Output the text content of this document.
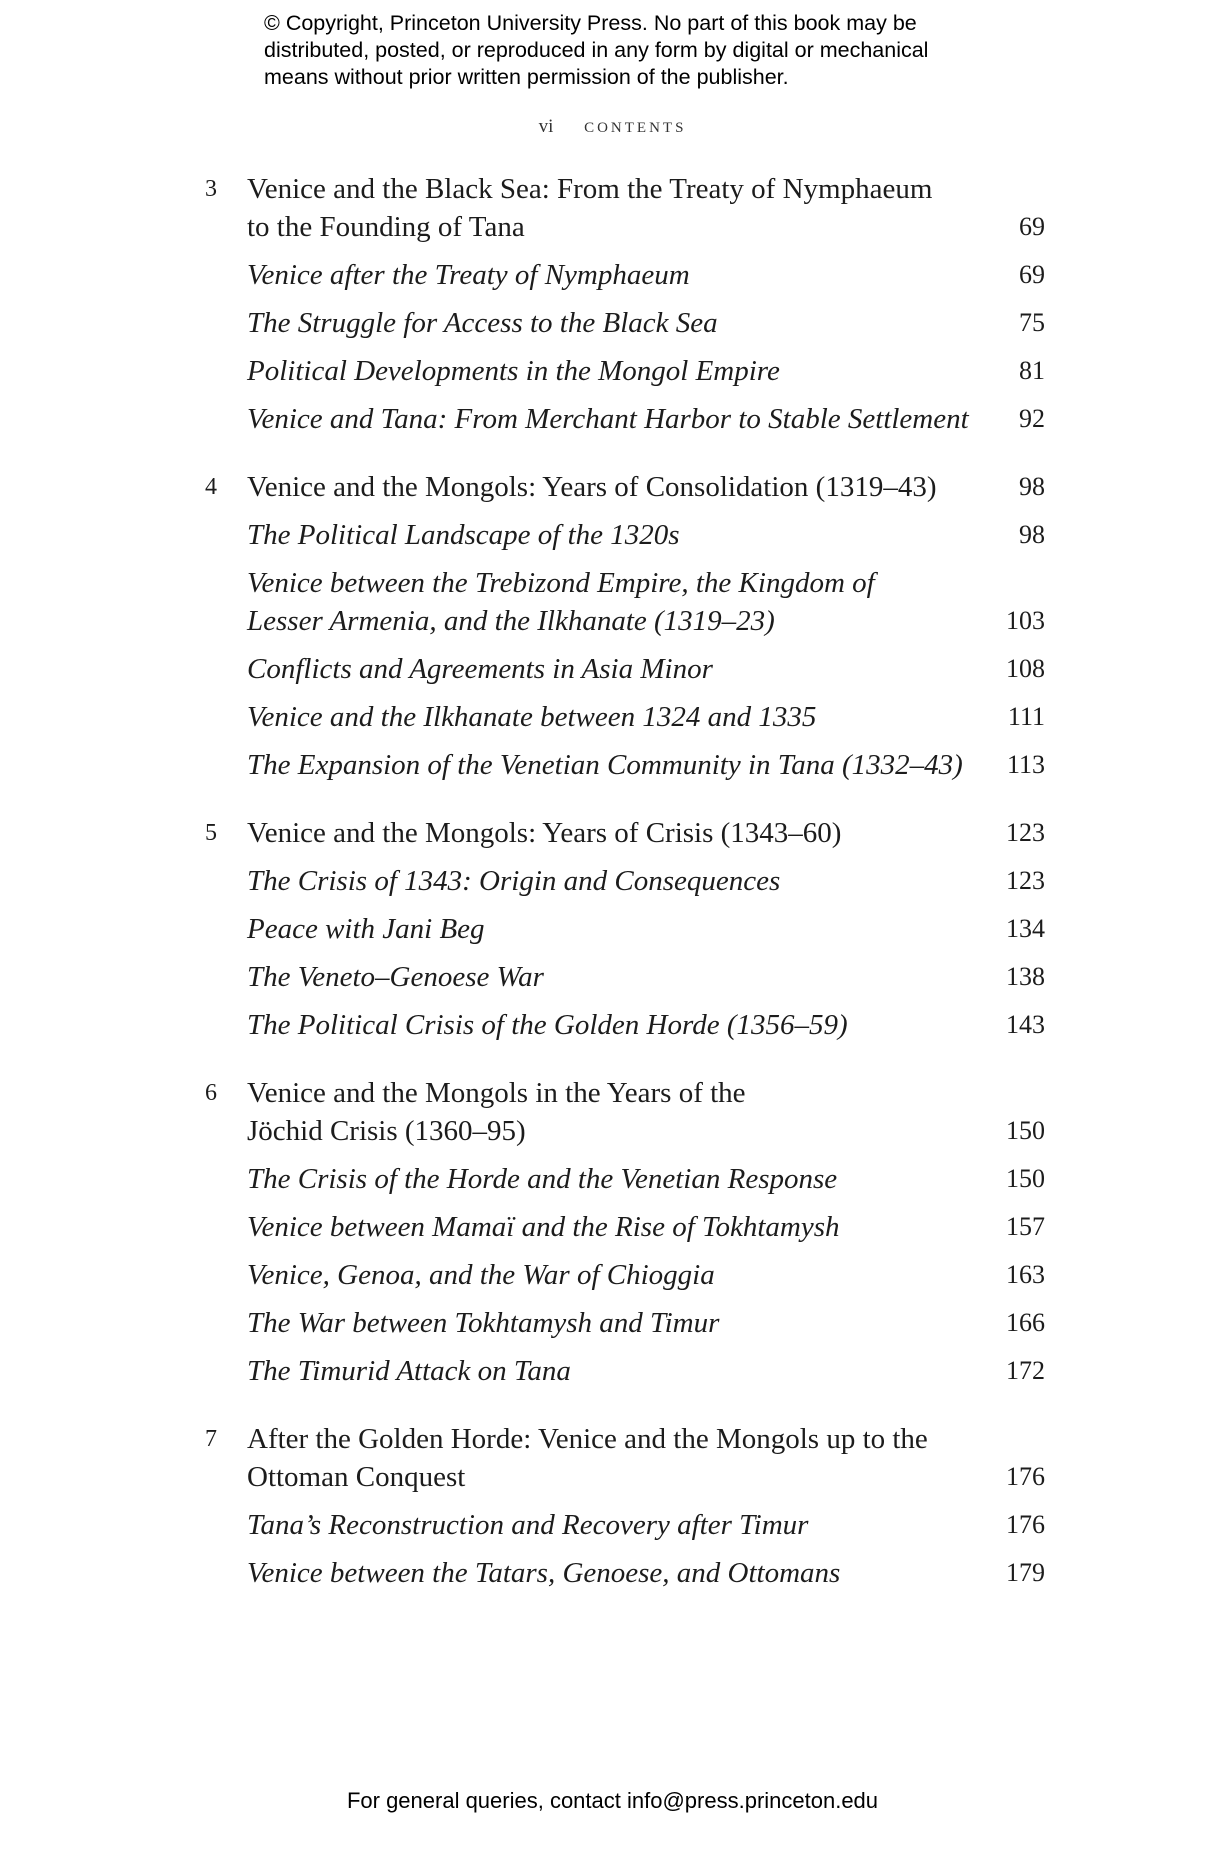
© Copyright, Princeton University Press. No part of this book may be
distributed, posted, or reproduced in any form by digital or mechanical
means without prior written permission of the publisher.
vi contents
3	Venice and the Black Sea: From the Treaty of Nymphaeum
to the Founding of Tana	69
Venice after the Treaty of Nymphaeum	69
The Struggle for Access to the Black Sea	75
Political Developments in the Mongol Empire	81
Venice and Tana: From Merchant Harbor to Stable Settlement	92
4	Venice and the Mongols: Years of Consolidation (1319–43)	98
The Political Landscape of the 1320s	98
Venice between the Trebizond Empire, the Kingdom of
Lesser Armenia, and the Ilkhanate (1319–23)	103
Conflicts and Agreements in Asia Minor	108
Venice and the Ilkhanate between 1324 and 1335	111
The Expansion of the Venetian Community in Tana (1332–43)	113
5	Venice and the Mongols: Years of Crisis (1343–60)	123
The Crisis of 1343: Origin and Consequences	123
Peace with Jani Beg	134
The Veneto–Genoese War	138
The Political Crisis of the Golden Horde (1356–59)	143
6	Venice and the Mongols in the Years of the
Jöchid Crisis (1360–95)	150
The Crisis of the Horde and the Venetian Response	150
Venice between Mamaï and the Rise of Tokhtamysh	157
Venice, Genoa, and the War of Chioggia	163
The War between Tokhtamysh and Timur	166
The Timurid Attack on Tana	172
7	After the Golden Horde: Venice and the Mongols up to the
Ottoman Conquest	176
Tana’s Reconstruction and Recovery after Timur	176
Venice between the Tatars, Genoese, and Ottomans	179
For general queries, contact info@press.princeton.edu
